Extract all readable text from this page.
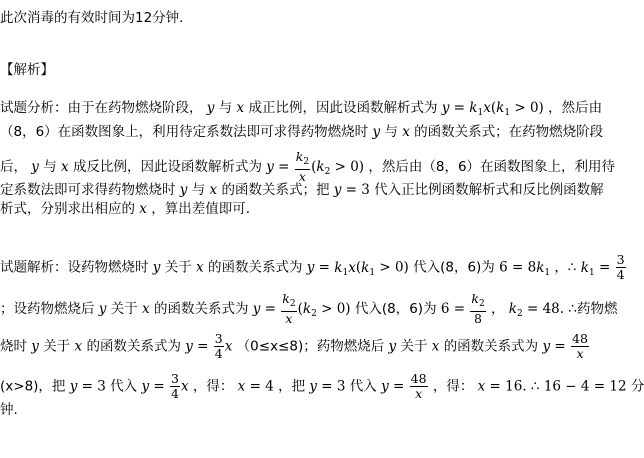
此次消毒的有效时间为12分钟.
【解析】
试题分析：由于在药物燃烧阶段， y 与 x 成正比例，因此设函数解析式为 $y = k_1x(k_1 > 0)$ ，然后由
（8，6）在函数图象上，利用待定系数法即可求得药物燃烧时 y 与 x 的函数关系式；在药物燃烧阶段
后， y 与 x 成反比例，因此设函数解析式为 $y = \frac{k_2}{x} (k_2 > 0)$ ，然后由（8，6）在函数图象上，利用待
定系数法即可求得药物燃烧时 y 与 x 的函数关系式；把 y = 3 代入正比例函数解析式和反比例函数解
析式，分别求出相应的 x ，算出差值即可.
试题解析：设药物燃烧时 y 关于 x 的函数关系式为 $y = k_1x(k_1 > 0)$ 代入(8，6)为 $6 = 8k_1$ ，∴ $k_1 = \frac{3}{4}$
；设药物燃烧后 y 关于 x 的函数关系式为 $y = \frac{k_2}{x} (k_2 > 0)$ 代入(8，6)为 $6 = \frac{k_2}{8}$ ， $k_2 = 48$. ∴药物燃
烧时 y 关于 x 的函数关系式为 $y = \frac{3}{4}$ x （0≤x≤8)；药物燃烧后 y 关于 x 的函数关系式为 $y = \frac{48}{x}$
(x>8)，把 y = 3 代入 $y = \frac{3}{4}$ x ，得： x = 4 ，把 y = 3 代入 $y = \frac{48}{x}$ ，得： x = 16. ∴ 16 − 4 = 12 分
钟.
